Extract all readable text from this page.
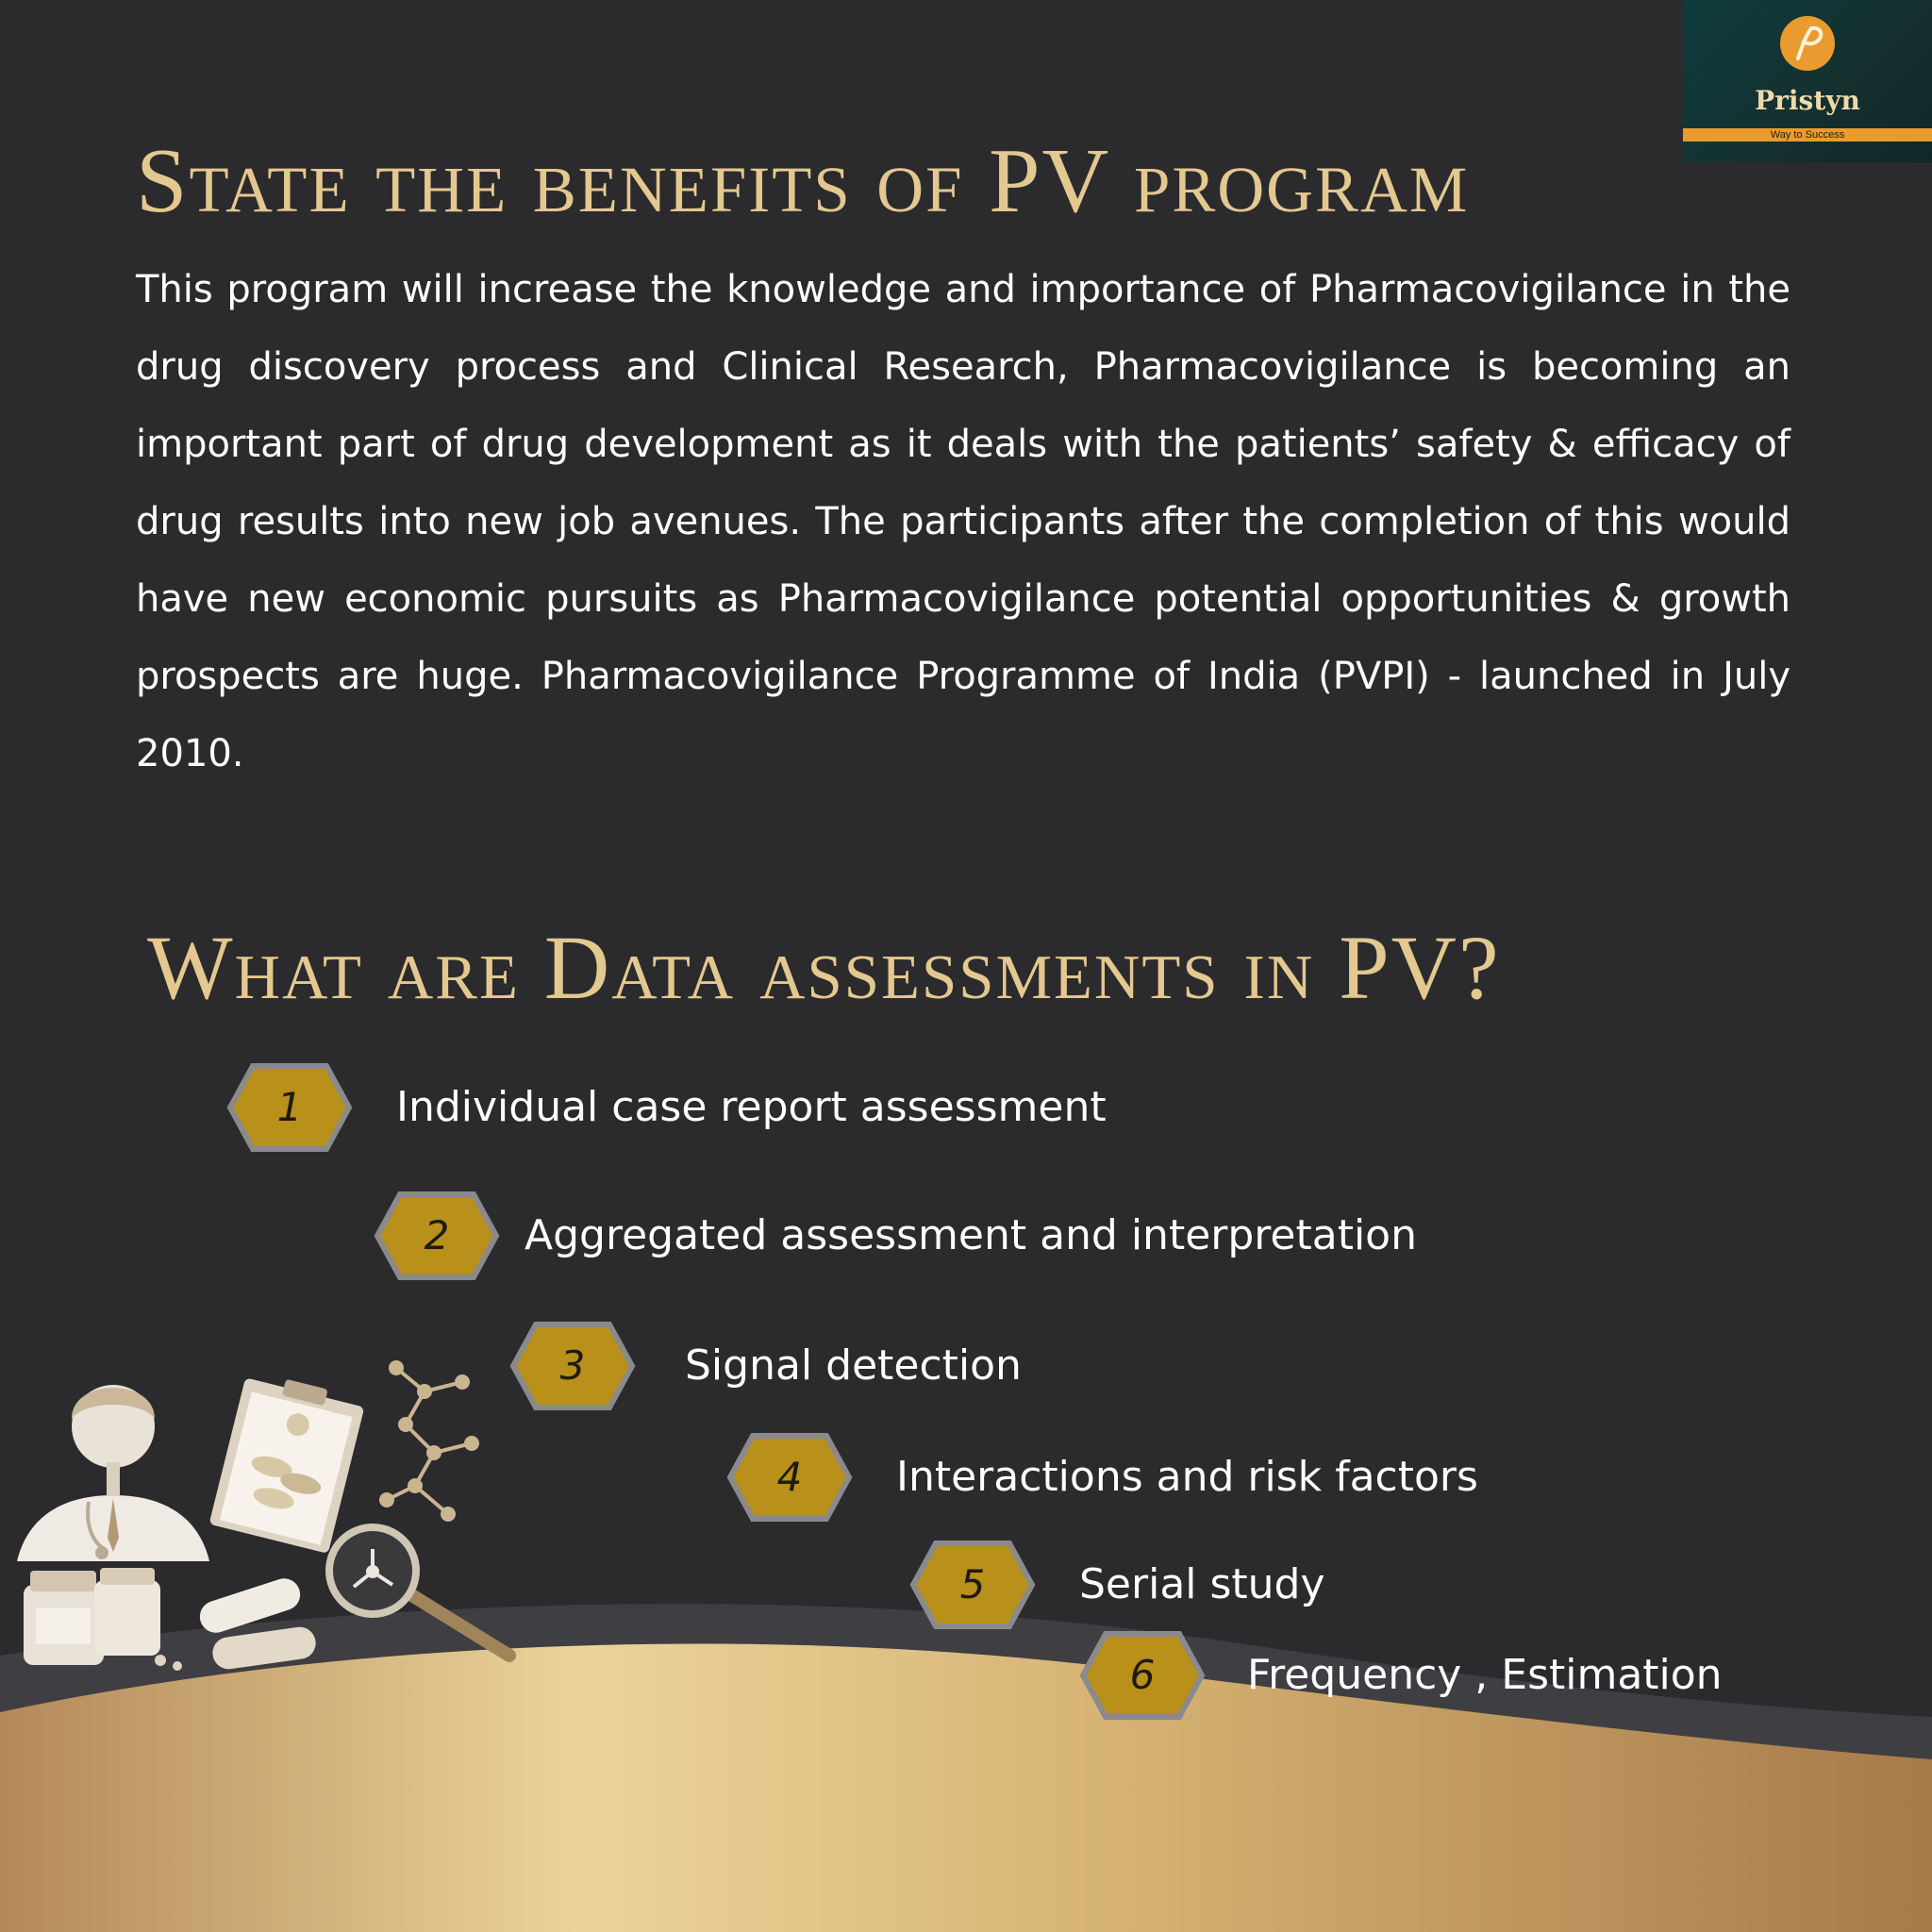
Pristyn
Way to Success
State the benefits of PV program

This program will increase the knowledge and importance of Pharmacovigilance in the drug discovery process and Clinical Research, Pharmacovigilance is becoming an important part of drug development as it deals with the patients’ safety & efficacy of drug results into new job avenues. The participants after the completion of this would have new economic pursuits as Pharmacovigilance potential opportunities & growth prospects are huge. Pharmacovigilance Programme of India (PVPI) - launched in July 2010.

What are Data assessments in PV?
1	Individual case report assessment
2	Aggregated assessment and interpretation
3	Signal detection
4	Interactions and risk factors
5	Serial study
6	Frequency , Estimation
